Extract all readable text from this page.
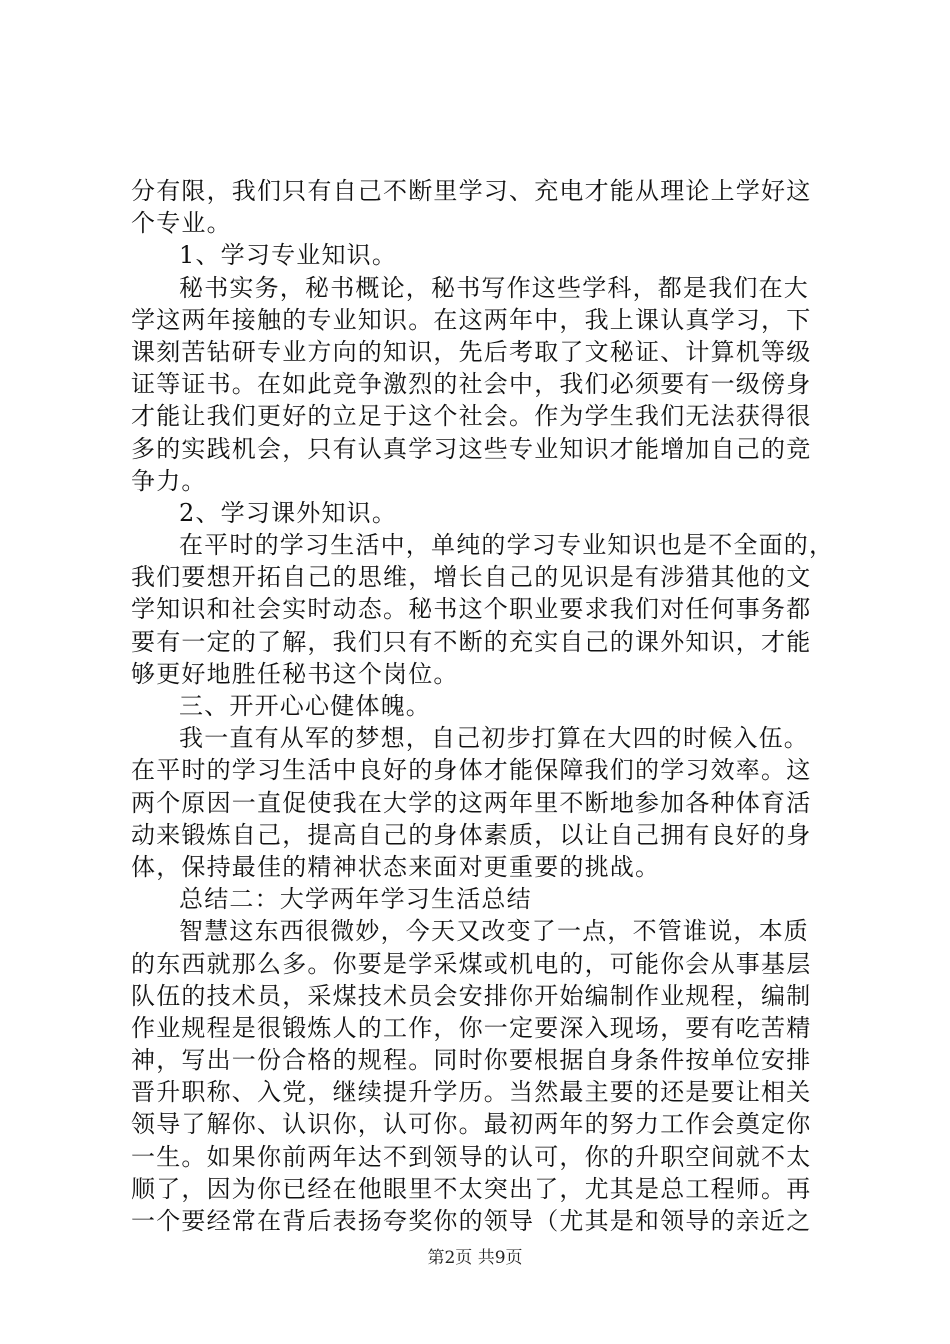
分有限，我们只有自己不断里学习、充电才能从理论上学好这
个专业。
1、学习专业知识。
秘书实务，秘书概论，秘书写作这些学科，都是我们在大
学这两年接触的专业知识。在这两年中，我上课认真学习，下
课刻苦钻研专业方向的知识，先后考取了文秘证、计算机等级
证等证书。在如此竞争激烈的社会中，我们必须要有一级傍身
才能让我们更好的立足于这个社会。作为学生我们无法获得很
多的实践机会，只有认真学习这些专业知识才能增加自己的竞
争力。
2、学习课外知识。
在平时的学习生活中，单纯的学习专业知识也是不全面的，
我们要想开拓自己的思维，增长自己的见识是有涉猎其他的文
学知识和社会实时动态。秘书这个职业要求我们对任何事务都
要有一定的了解，我们只有不断的充实自己的课外知识，才能
够更好地胜任秘书这个岗位。
三、开开心心健体魄。
我一直有从军的梦想，自己初步打算在大四的时候入伍。
在平时的学习生活中良好的身体才能保障我们的学习效率。这
两个原因一直促使我在大学的这两年里不断地参加各种体育活
动来锻炼自己，提高自己的身体素质，以让自己拥有良好的身
体，保持最佳的精神状态来面对更重要的挑战。
总结二：大学两年学习生活总结
智慧这东西很微妙，今天又改变了一点，不管谁说，本质
的东西就那么多。你要是学采煤或机电的，可能你会从事基层
队伍的技术员，采煤技术员会安排你开始编制作业规程，编制
作业规程是很锻炼人的工作，你一定要深入现场，要有吃苦精
神，写出一份合格的规程。同时你要根据自身条件按单位安排
晋升职称、入党，继续提升学历。当然最主要的还是要让相关
领导了解你、认识你，认可你。最初两年的努力工作会奠定你
一生。如果你前两年达不到领导的认可，你的升职空间就不太
顺了，因为你已经在他眼里不太突出了，尤其是总工程师。再
一个要经常在背后表扬夸奖你的领导（尤其是和领导的亲近之
第2页 共9页
